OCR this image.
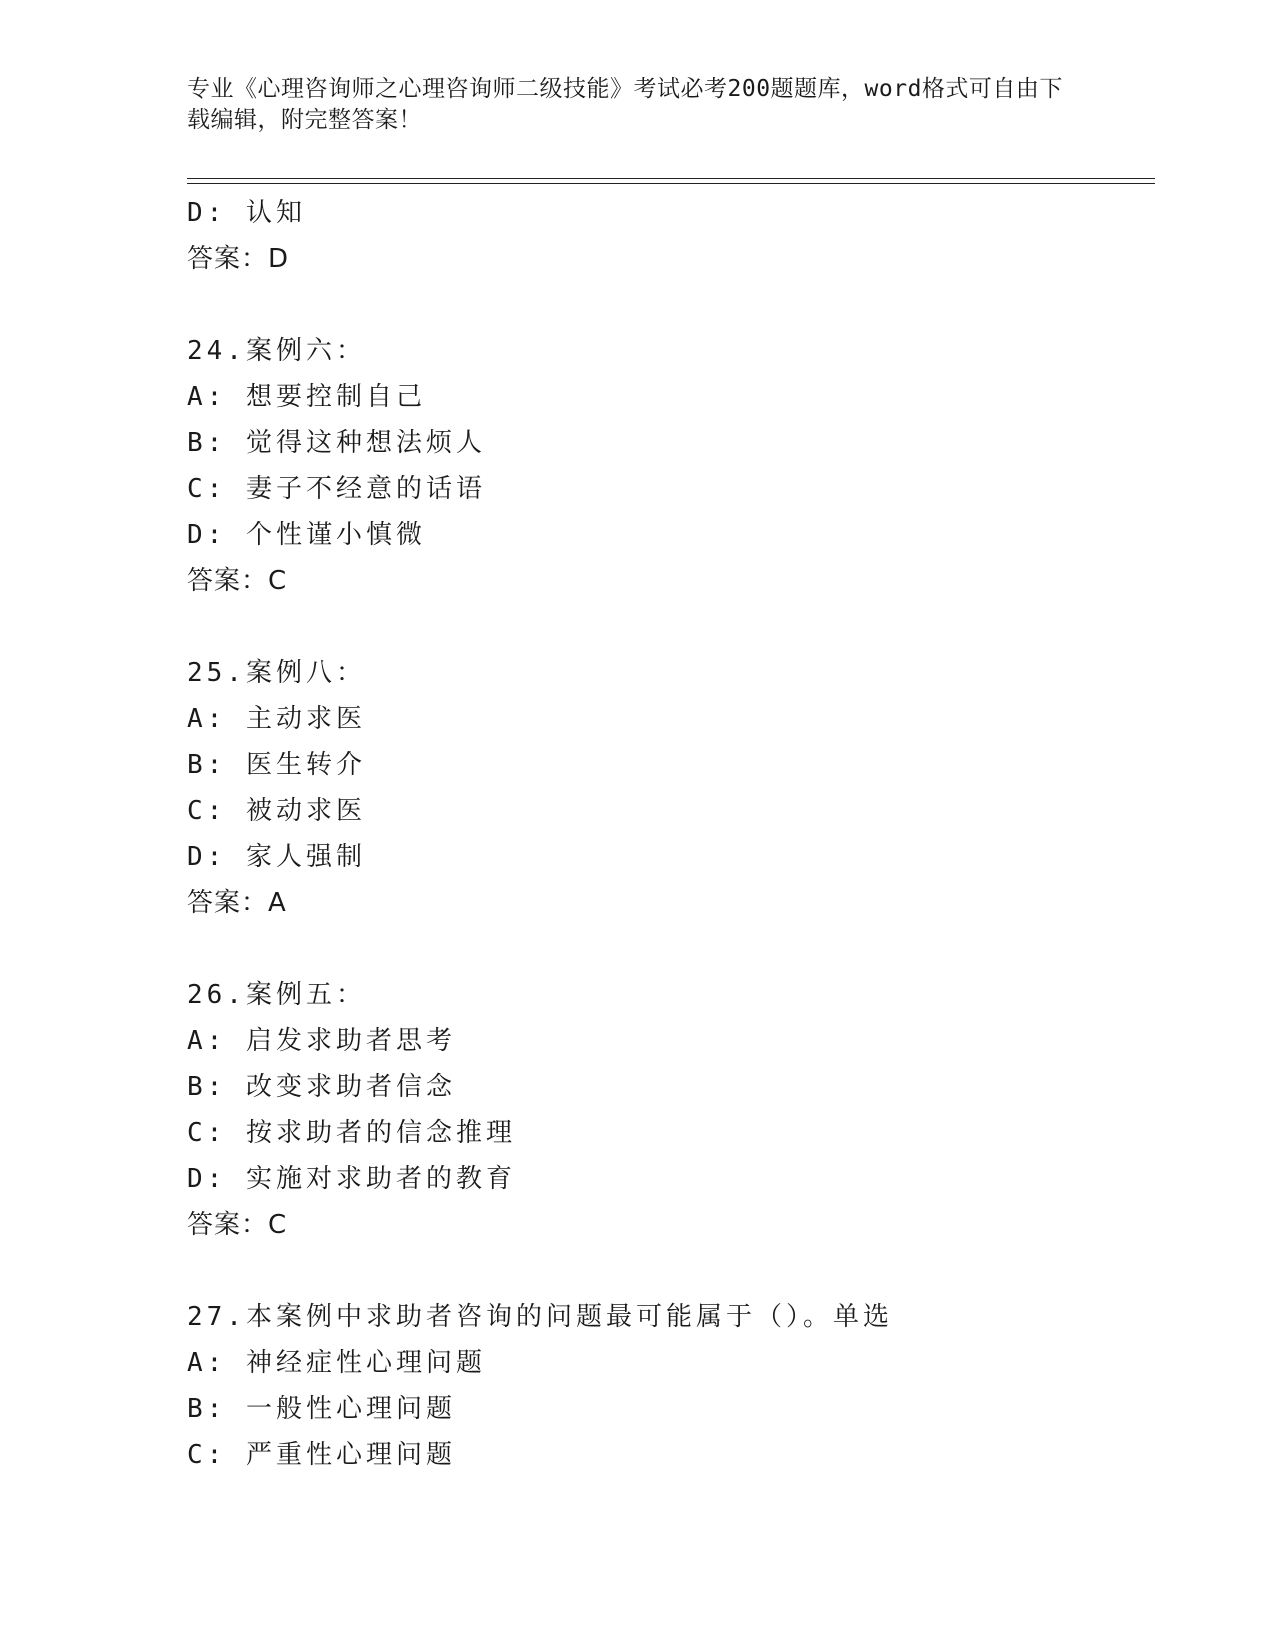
专业《心理咨询师之心理咨询师二级技能》考试必考200题题库，word格式可自由下载编辑，附完整答案！
D: 认知
答案：D
24.案例六：
A: 想要控制自己
B: 觉得这种想法烦人
C: 妻子不经意的话语
D: 个性谨小慎微
答案：C
25.案例八：
A: 主动求医
B: 医生转介
C: 被动求医
D: 家人强制
答案：A
26.案例五：
A: 启发求助者思考
B: 改变求助者信念
C: 按求助者的信念推理
D: 实施对求助者的教育
答案：C
27.本案例中求助者咨询的问题最可能属于（）。单选
A: 神经症性心理问题
B: 一般性心理问题
C: 严重性心理问题
